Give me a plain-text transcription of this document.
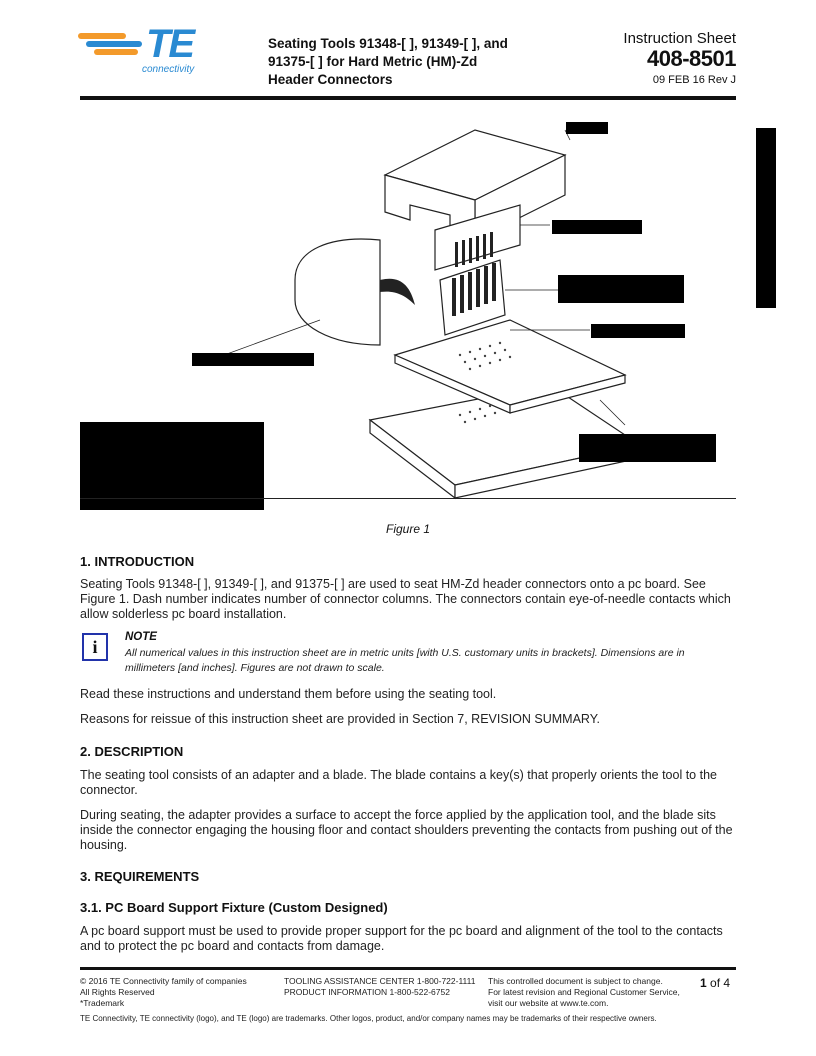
TE
connectivity
Seating Tools 91348-[ ], 91349-[ ], and
91375-[ ] for Hard Metric (HM)-Zd
Header Connectors
Instruction Sheet
408-8501
09 FEB 16 Rev J
Figure 1
1. INTRODUCTION

Seating Tools 91348-[ ], 91349-[ ], and 91375-[ ] are used to seat HM-Zd header connectors onto a pc board. See Figure 1. Dash number indicates number of connector columns. The connectors contain eye-of-needle contacts which allow solderless pc board installation.

i	NOTE

All numerical values in this instruction sheet are in metric units [with U.S. customary units in brackets]. Dimensions are in millimeters [and inches]. Figures are not drawn to scale.

Read these instructions and understand them before using the seating tool.

Reasons for reissue of this instruction sheet are provided in Section 7, REVISION SUMMARY.

2. DESCRIPTION

The seating tool consists of an adapter and a blade. The blade contains a key(s) that properly orients the tool to the connector.

During seating, the adapter provides a surface to accept the force applied by the application tool, and the blade sits inside the connector engaging the housing floor and contact shoulders preventing the contacts from pushing out of the housing.

3. REQUIREMENTS
3.1. PC Board Support Fixture (Custom Designed)

A pc board support must be used to provide proper support for the pc board and alignment of the tool to the contacts and to protect the pc board and contacts from damage.

© 2016 TE Connectivity family of companies
All Rights Reserved
*Trademark
TOOLING ASSISTANCE CENTER 1-800-722-1111
PRODUCT INFORMATION 1-800-522-6752
This controlled document is subject to change.
For latest revision and Regional Customer Service,
visit our website at www.te.com.
1 of 4
TE Connectivity, TE connectivity (logo), and TE (logo) are trademarks. Other logos, product, and/or company names may be trademarks of their respective owners.
